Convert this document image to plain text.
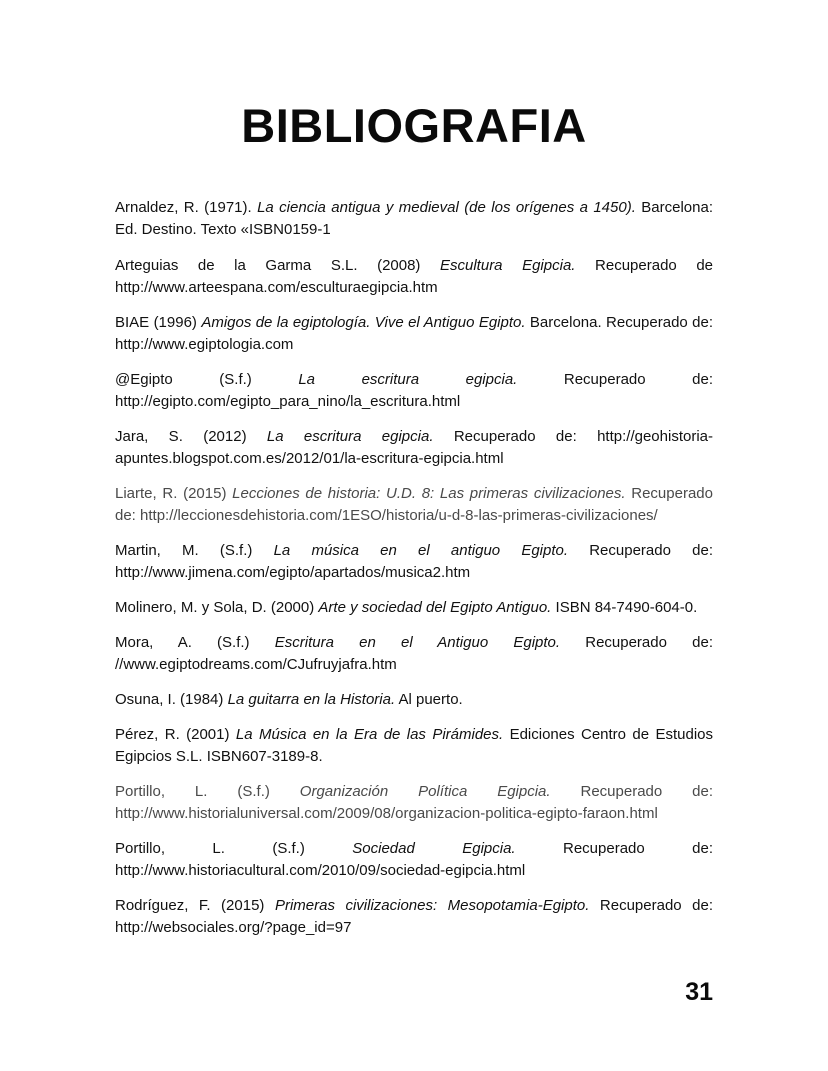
BIBLIOGRAFIA

Arnaldez, R. (1971). La ciencia antigua y medieval (de los orígenes a 1450). Barcelona: Ed. Destino. Texto «ISBN0159-1

Arteguias de la Garma S.L. (2008) Escultura Egipcia. Recuperado de http://www.arteespana.com/esculturaegipcia.htm

BIAE (1996) Amigos de la egiptología. Vive el Antiguo Egipto. Barcelona. Recuperado de: http://www.egiptologia.com

@Egipto (S.f.) La escritura egipcia. Recuperado de: http://egipto.com/egipto_para_nino/la_escritura.html

Jara, S. (2012) La escritura egipcia. Recuperado de: http://geohistoria-apuntes.blogspot.com.es/2012/01/la-escritura-egipcia.html

Liarte, R. (2015) Lecciones de historia: U.D. 8: Las primeras civilizaciones. Recuperado de: http://leccionesdehistoria.com/1ESO/historia/u-d-8-las-primeras-civilizaciones/

Martin, M. (S.f.) La música en el antiguo Egipto. Recuperado de: http://www.jimena.com/egipto/apartados/musica2.htm

Molinero, M. y Sola, D. (2000) Arte y sociedad del Egipto Antiguo. ISBN 84-7490-604-0.

Mora, A. (S.f.) Escritura en el Antiguo Egipto. Recuperado de: //www.egiptodreams.com/CJufruyjafra.htm

Osuna, I. (1984) La guitarra en la Historia. Al puerto.

Pérez, R. (2001) La Música en la Era de las Pirámides. Ediciones Centro de Estudios Egipcios S.L. ISBN607-3189-8.

Portillo, L. (S.f.) Organización Política Egipcia. Recuperado de: http://www.historialuniversal.com/2009/08/organizacion-politica-egipto-faraon.html

Portillo, L. (S.f.) Sociedad Egipcia. Recuperado de: http://www.historiacultural.com/2010/09/sociedad-egipcia.html

Rodríguez, F. (2015) Primeras civilizaciones: Mesopotamia-Egipto. Recuperado de: http://websociales.org/?page_id=97

31
